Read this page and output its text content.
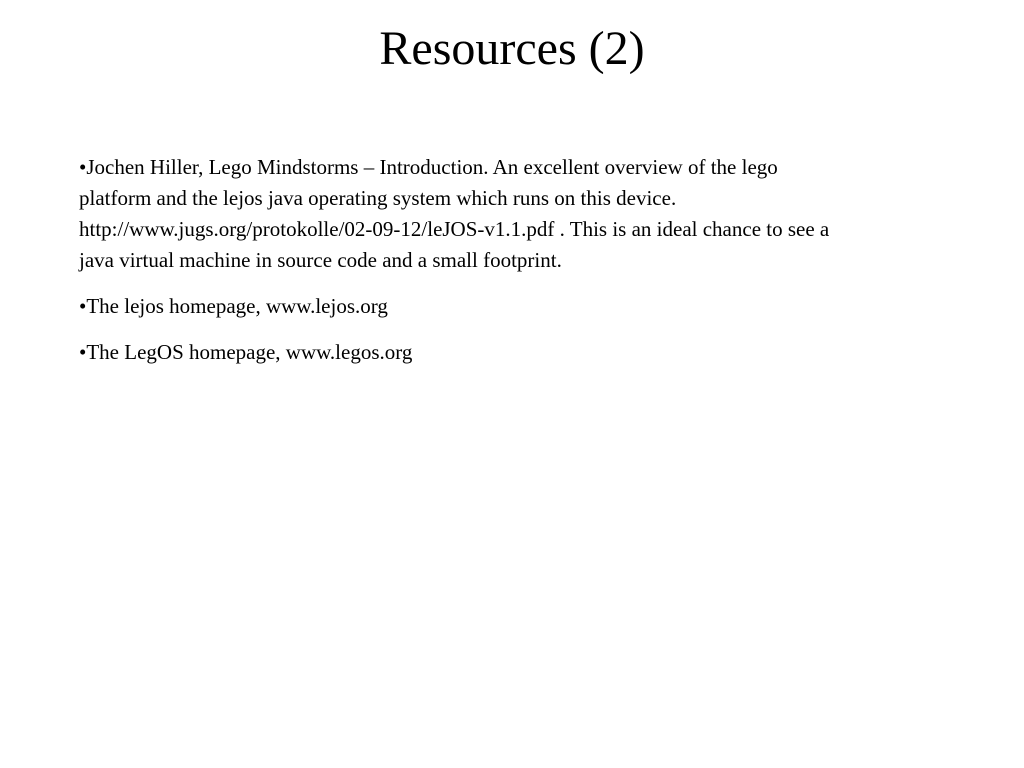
Resources (2)
•Jochen Hiller, Lego Mindstorms – Introduction. An excellent overview of the lego platform and the lejos java operating system which runs on this device. http://www.jugs.org/protokolle/02-09-12/leJOS-v1.1.pdf . This is an ideal chance to see a java virtual machine in source code and a small footprint.
•The lejos homepage, www.lejos.org
•The LegOS homepage, www.legos.org
